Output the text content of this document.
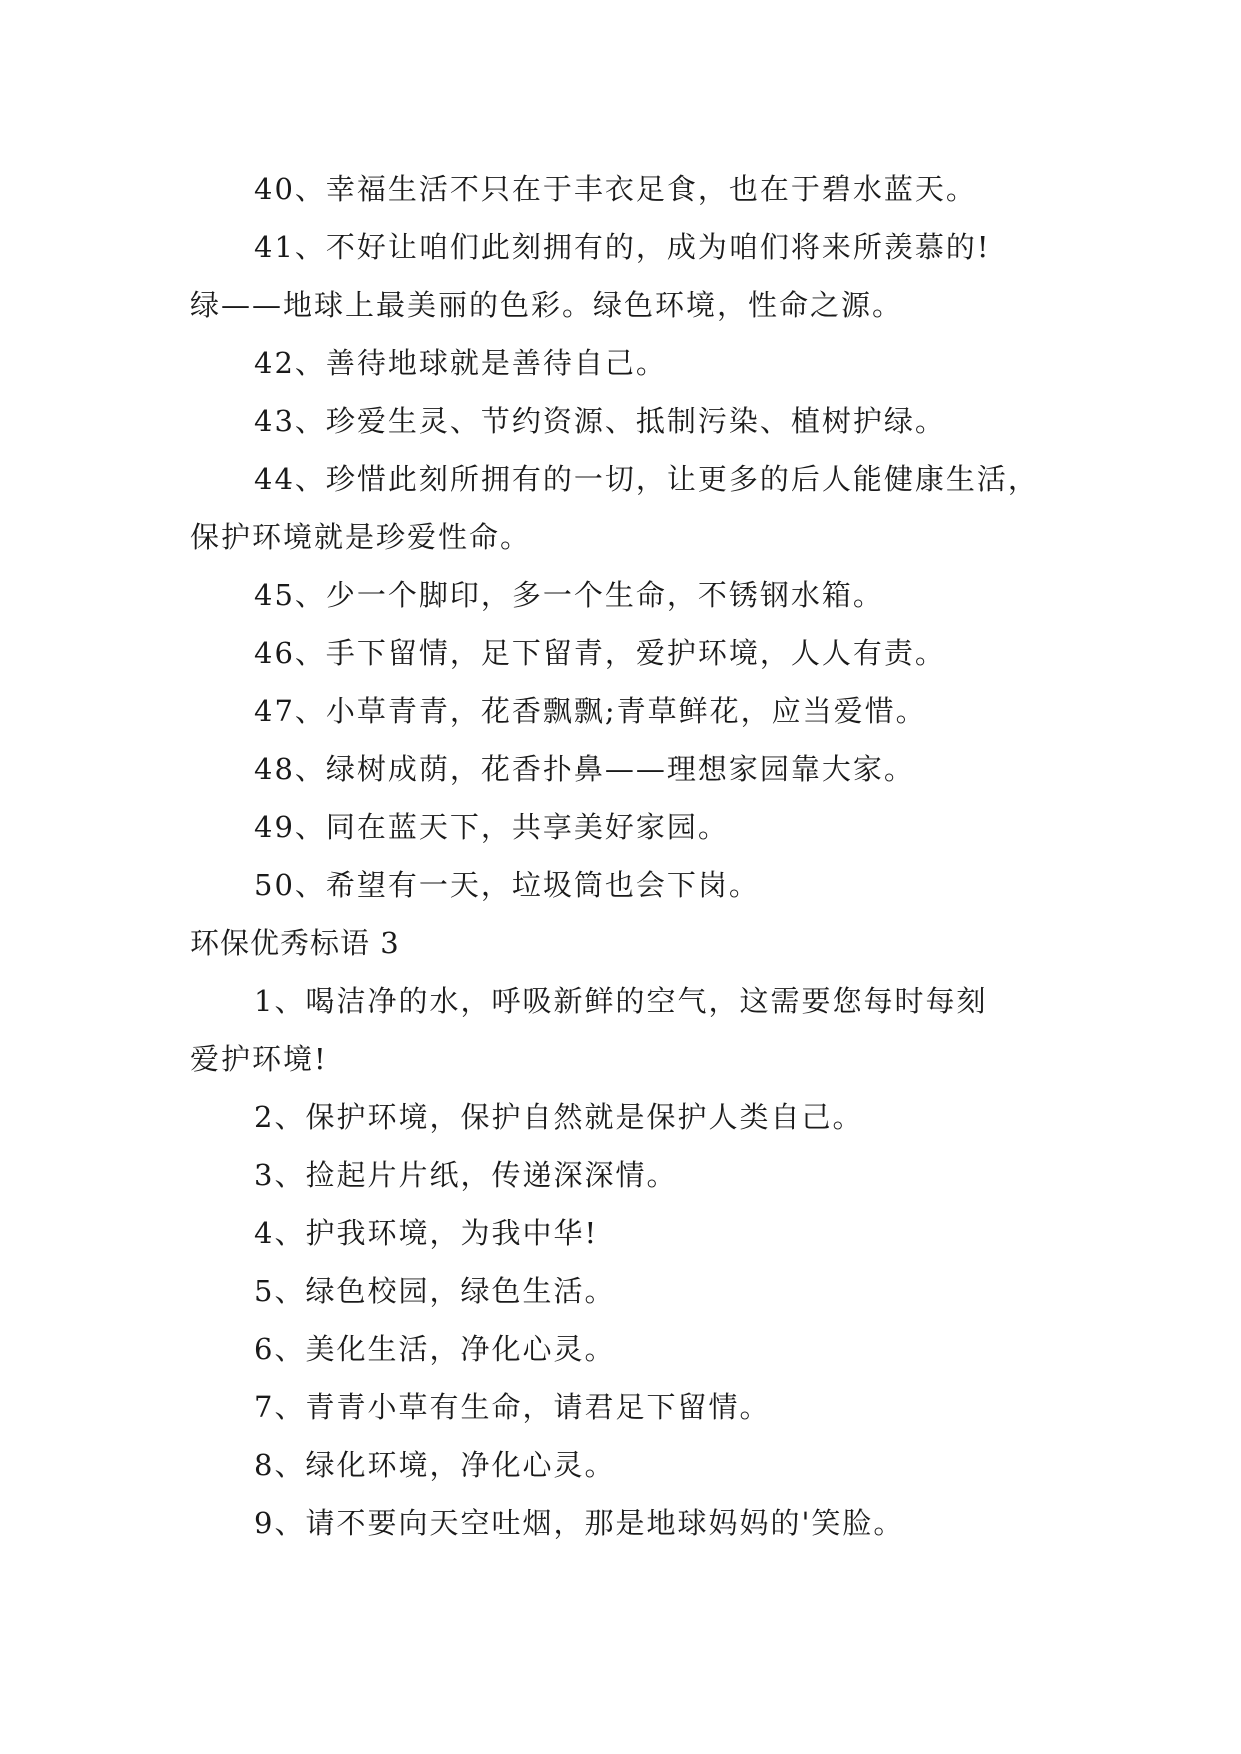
40、幸福生活不只在于丰衣足食，也在于碧水蓝天。
41、不好让咱们此刻拥有的，成为咱们将来所羡慕的!
绿——地球上最美丽的色彩。绿色环境，性命之源。
42、善待地球就是善待自己。
43、珍爱生灵、节约资源、抵制污染、植树护绿。
44、珍惜此刻所拥有的一切，让更多的后人能健康生活，
保护环境就是珍爱性命。
45、少一个脚印，多一个生命，不锈钢水箱。
46、手下留情，足下留青，爱护环境，人人有责。
47、小草青青，花香飘飘;青草鲜花，应当爱惜。
48、绿树成荫，花香扑鼻——理想家园靠大家。
49、同在蓝天下，共享美好家园。
50、希望有一天，垃圾筒也会下岗。
环保优秀标语 3
1、喝洁净的水，呼吸新鲜的空气，这需要您每时每刻
爱护环境!
2、保护环境，保护自然就是保护人类自己。
3、捡起片片纸，传递深深情。
4、护我环境，为我中华!
5、绿色校园，绿色生活。
6、美化生活，净化心灵。
7、青青小草有生命，请君足下留情。
8、绿化环境，净化心灵。
9、请不要向天空吐烟，那是地球妈妈的'笑脸。
